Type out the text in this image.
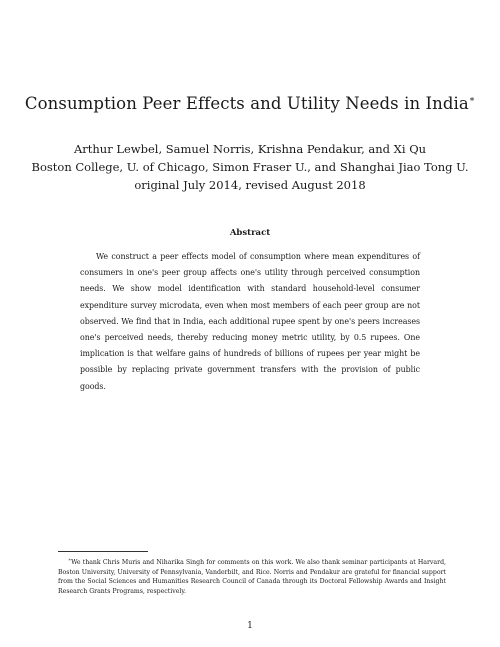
Consumption Peer Effects and Utility Needs in India∗
Arthur Lewbel, Samuel Norris, Krishna Pendakur, and Xi Qu
Boston College, U. of Chicago, Simon Fraser U., and Shanghai Jiao Tong U.
original July 2014, revised August 2018
Abstract

We construct a peer effects model of consumption where mean expenditures of consumers in one's peer group affects one's utility through perceived consumption needs. We show model identification with standard household-level consumer expenditure survey microdata, even when most members of each peer group are not observed. We find that in India, each additional rupee spent by one's peers increases one's perceived needs, thereby reducing money metric utility, by 0.5 rupees. One implication is that welfare gains of hundreds of billions of rupees per year might be possible by replacing private government transfers with the provision of public goods.

∗We thank Chris Muris and Niharika Singh for comments on this work. We also thank seminar participants at Harvard, Boston University, University of Pennsylvania, Vanderbilt, and Rice. Norris and Pendakur are grateful for financial support from the Social Sciences and Humanities Research Council of Canada through its Doctoral Fellowship Awards and Insight Research Grants Programs, respectively.

1
